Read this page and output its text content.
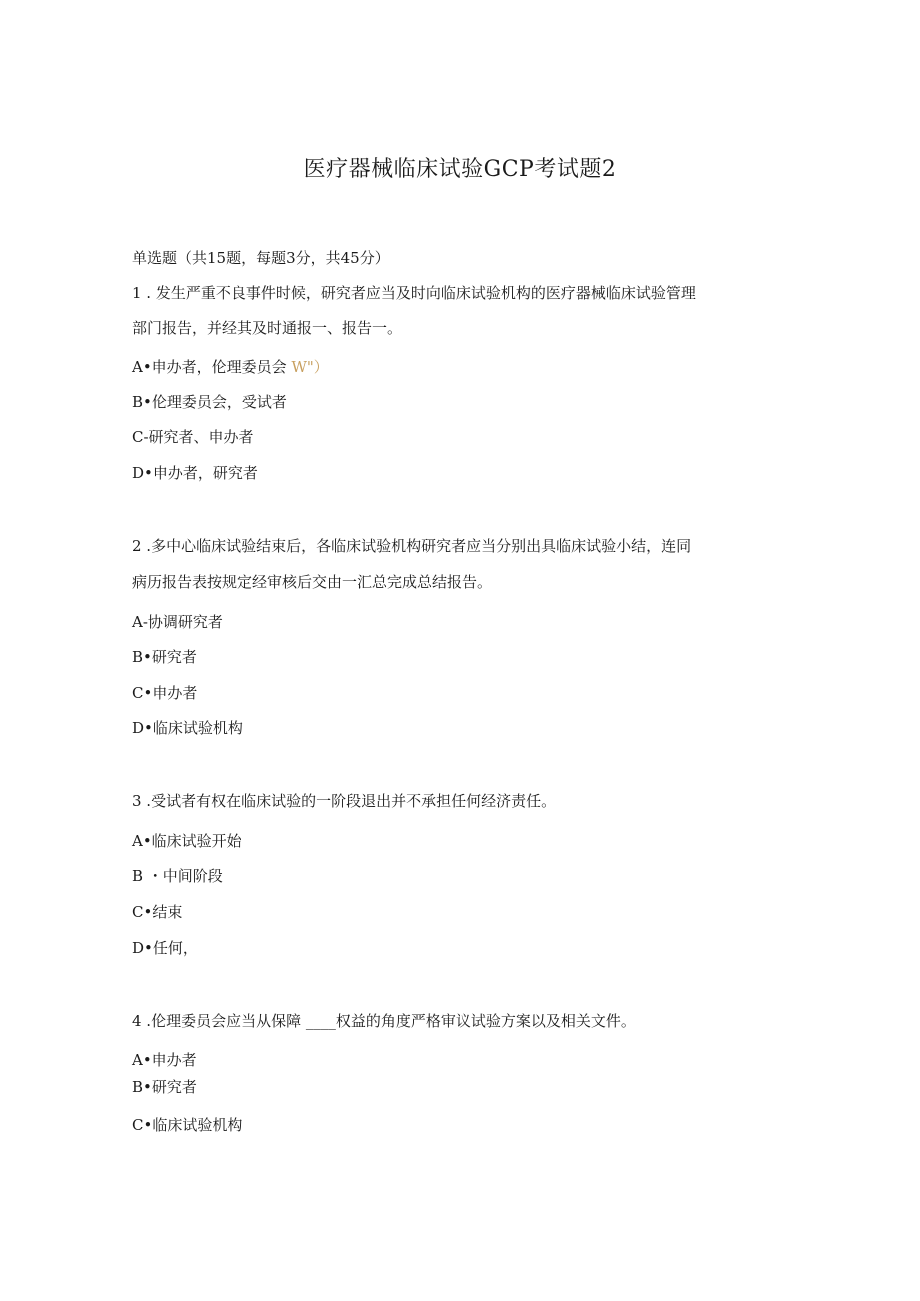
医疗器械临床试验GCP考试题2
单选题（共15题，每题3分，共45分）
1 . 发生严重不良事件时候，研究者应当及时向临床试验机构的医疗器械临床试验管理
部门报告，并经其及时通报一、报告一。
A•申办者，伦理委员会 W"）
B•伦理委员会，受试者
C-研究者、申办者
D•申办者，研究者
2 .多中心临床试验结束后，各临床试验机构研究者应当分别出具临床试验小结，连同
病历报告表按规定经审核后交由一汇总完成总结报告。
A-协调研究者
B•研究者
C•申办者
D•临床试验机构
3 .受试者有权在临床试验的一阶段退出并不承担任何经济责任。
A•临床试验开始
B ・中间阶段
C•结束
D•任何，
4 .伦理委员会应当从保障 ____权益的角度严格审议试验方案以及相关文件。
A•申办者
B•研究者
C•临床试验机构
